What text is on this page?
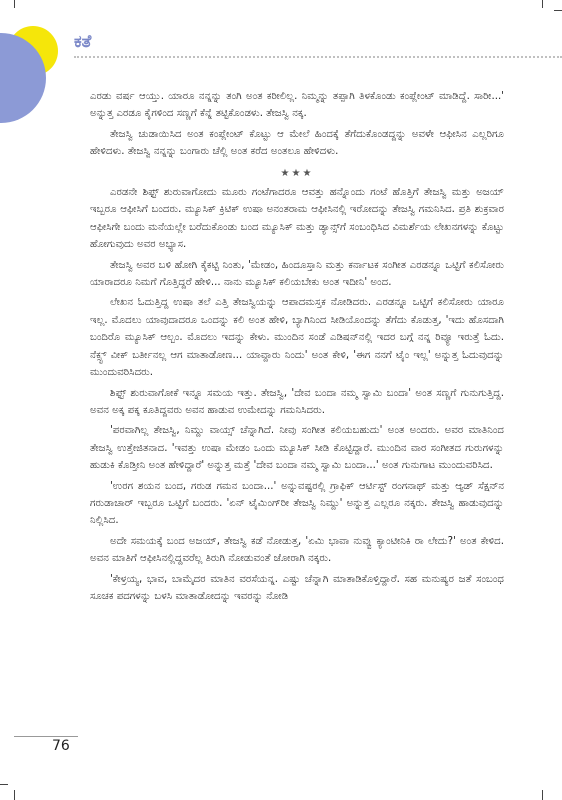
ಕತೆ

ಎರಡು ವರ್ಷ ಆಯ್ತು. ಯಾರೂ ನನ್ನನ್ನು ತಂಗಿ ಅಂತ ಕರೀಲಿಲ್ಲ. ನಿಮ್ಮನ್ನು ತಪ್ಪಾಗಿ ತಿಳಕೊಂಡು ಕಂಪ್ಲೇಂಟ್ ಮಾಡಿದ್ದೆ. ಸಾರೀ...' ಅನ್ನುತ್ತ ಎರಡೂ ಕೈಗಳಿಂದ ಸಣ್ಣಗೆ ಕೆನ್ನೆ ತಟ್ಟಿಕೊಂಡಳು. ತೇಜಸ್ವಿ ನಕ್ಕ.

ತೇಜಸ್ವಿ ಚುಡಾಯಿಸಿದ ಅಂತ ಕಂಪ್ಲೇಂಟ್ ಕೊಟ್ಟು ಆ ಮೇಲೆ ಹಿಂದಕ್ಕೆ ತೆಗೆದುಕೊಂಡದ್ದನ್ನು ಅವಳೇ ಆಫೀಸಿನ ಎಲ್ಲರಿಗೂ ಹೇಳಿದಳು. ತೇಜಸ್ವಿ ನನ್ನನ್ನು ಬಂಗಾರು ಚೆಲ್ಲಿ ಅಂತ ಕರೆದ ಅಂತಲೂ ಹೇಳಿದಳು.

★★★

ಎರಡನೇ ಶಿಫ್ಟ್ ಶುರುವಾಗೋದು ಮೂರು ಗಂಟೆಗಾದರೂ ಆವತ್ತು ಹನ್ನೊಂದು ಗಂಟೆ ಹೊತ್ತಿಗೆ ತೇಜಸ್ವಿ ಮತ್ತು ಅಜಯ್ ಇಬ್ಬರೂ ಆಫೀಸಿಗೆ ಬಂದರು. ಮ್ಯೂಸಿಕ್ ಕ್ರಿಟಿಕ್ ಉಷಾ ಅನಂತರಾಮ ಆಫೀಸಿನಲ್ಲಿ ಇರೋದನ್ನು ತೇಜಸ್ವಿ ಗಮನಿಸಿದ. ಪ್ರತಿ ಶುಕ್ರವಾರ ಆಫೀಸಿಗೇ ಬಂದು ಮನೆಯಲ್ಲೇ ಬರೆದುಕೊಂಡು ಬಂದ ಮ್ಯೂಸಿಕ್ ಮತ್ತು ಡ್ಯಾನ್ಸ್‌ಗೆ ಸಂಬಂಧಿಸಿದ ವಿಮರ್ಶೆಯ ಲೇಖನಗಳನ್ನು ಕೊಟ್ಟು ಹೋಗುವುದು ಅವರ ಅಭ್ಯಾಸ.

ತೇಜಸ್ವಿ ಅವರ ಬಳಿ ಹೋಗಿ ಕೈಕಟ್ಟಿ ನಿಂತು, 'ಮೇಡಂ, ಹಿಂದೂಸ್ತಾನಿ ಮತ್ತು ಕರ್ನಾಟಕ ಸಂಗೀತ ಎರಡನ್ನೂ ಒಟ್ಟಿಗೆ ಕಲಿಸೋರು ಯಾರಾದರೂ ನಿಮಗೆ ಗೊತ್ತಿದ್ದರೆ ಹೇಳಿ... ನಾನು ಮ್ಯೂಸಿಕ್ ಕಲಿಯಬೇಕು ಅಂತ ಇದೀನಿ' ಅಂದ.

ಲೇಖನ ಓದುತ್ತಿದ್ದ ಉಷಾ ತಲೆ ಎತ್ತಿ ತೇಜಸ್ವಿಯನ್ನು ಆಪಾದಮಸ್ತಕ ನೋಡಿದರು. ಎರಡನ್ನೂ ಒಟ್ಟಿಗೆ ಕಲಿಸೋರು ಯಾರೂ ಇಲ್ಲ. ಮೊದಲು ಯಾವುದಾದರೂ ಒಂದನ್ನು ಕಲಿ ಅಂತ ಹೇಳಿ, ಬ್ಯಾಗಿನಿಂದ ಸೀಡಿಯೊಂದನ್ನು ತೆಗೆದು ಕೊಡುತ್ತ, 'ಇದು ಹೊಸದಾಗಿ ಬಂದಿರೊ ಮ್ಯೂಸಿಕ್ ಆಲ್ಬಂ. ಮೊದಲು ಇದನ್ನು ಕೇಳು. ಮುಂದಿನ ಸಂಡೆ ಎಡಿಷನ್‌ನಲ್ಲಿ ಇದರ ಬಗ್ಗೆ ನನ್ನ ರಿವ್ಯೂ ಇರುತ್ತೆ ಓದು. ನೆಕ್ಸ್ಟ್ ವೀಕ್ ಬರ್ತೀನಲ್ಲ ಆಗ ಮಾತಾಡೋಣ... ಯಾವ್ದಾರು ನಿಂದು' ಅಂತ ಕೇಳಿ, 'ಈಗ ನನಗೆ ಟೈಂ ಇಲ್ಲ' ಅನ್ನುತ್ತ ಓದುವುದನ್ನು ಮುಂದುವರಿಸಿದರು.

ಶಿಫ್ಟ್ ಶುರುವಾಗೋಕೆ ಇನ್ನೂ ಸಮಯ ಇತ್ತು. ತೇಜಸ್ವಿ, 'ದೇವ ಬಂದಾ ನಮ್ಮ ಸ್ವಾಮಿ ಬಂದಾ' ಅಂತ ಸಣ್ಣಗೆ ಗುನುಗುತ್ತಿದ್ದ. ಅವನ ಅಕ್ಕ ಪಕ್ಕ ಕೂತಿದ್ದವರು ಅವನ ಹಾಡುವ ಉಮೇದನ್ನು ಗಮನಿಸಿದರು.

'ಪರವಾಗಿಲ್ಲ ತೇಜಸ್ವಿ, ನಿಮ್ದು ವಾಯ್ಸ್ ಚೆನ್ನಾಗಿದೆ. ನೀವು ಸಂಗೀತ ಕಲಿಯಬಹುದು' ಅಂತ ಅಂದರು. ಅವರ ಮಾತಿನಿಂದ ತೇಜಸ್ವಿ ಉತ್ತೇಜಿತನಾದ. 'ಇವತ್ತು ಉಷಾ ಮೇಡಂ ಒಂದು ಮ್ಯೂಸಿಕ್ ಸೀಡಿ ಕೊಟ್ಟಿದ್ದಾರೆ. ಮುಂದಿನ ವಾರ ಸಂಗೀತದ ಗುರುಗಳನ್ನು ಹುಡುಕಿ ಕೊಡ್ತೀನಿ ಅಂತ ಹೇಳಿದ್ದಾರೆ' ಅನ್ನುತ್ತ ಮತ್ತೆ 'ದೇವ ಬಂದಾ ನಮ್ಮ ಸ್ವಾಮಿ ಬಂದಾ...' ಅಂತ ಗುನುಗಾಟ ಮುಂದುವರಿಸಿದ.

'ಉರಗ ಶಯನ ಬಂದ, ಗರುಡ ಗಮನ ಬಂದಾ...' ಅನ್ನುವಷ್ಟರಲ್ಲಿ ಗ್ರಾಫಿಕ್ ಆರ್ಟಿಸ್ಟ್ ರಂಗನಾಥ್ ಮತ್ತು ಆ್ಯಡ್ ಸೆಕ್ಷನ್‌ನ ಗರುಡಾಚಾರ್ ಇಬ್ಬರೂ ಒಟ್ಟಿಗೆ ಬಂದರು. 'ಏನ್ ಟೈಮಿಂಗ್‌ರೀ ತೇಜಸ್ವಿ ನಿಮ್ದು' ಅನ್ನುತ್ತ ಎಲ್ಲರೂ ನಕ್ಕರು. ತೇಜಸ್ವಿ ಹಾಡುವುದನ್ನು ನಿಲ್ಲಿಸಿದ.

ಅದೇ ಸಮಯಕ್ಕೆ ಬಂದ ಅಜಯ್, ತೇಜಸ್ವಿ ಕಡೆ ನೋಡುತ್ತ, 'ಏಮಿ ಭಾವಾ ನುವ್ವು ಕ್ಯಾಂಟೀನಿಕಿ ರಾ ಲೇದು?' ಅಂತ ಕೇಳಿದ. ಅವನ ಮಾತಿಗೆ ಆಫೀಸಿನಲ್ಲಿದ್ದವರೆಲ್ಲ ತಿರುಗಿ ನೋಡುವಂತೆ ಜೋರಾಗಿ ನಕ್ಕರು.

'ಕೇಳ್ರಯ್ಯ, ಭಾವ, ಬಾಮೈದರ ಮಾತಿನ ವರಸೆಯನ್ನ. ಎಷ್ಟು ಚೆನ್ನಾಗಿ ಮಾತಾಡಿಕೊಳ್ತಿದ್ದಾರೆ. ಸಹ ಮನುಷ್ಯರ ಜತೆ ಸಂಬಂಧ ಸೂಚಕ ಪದಗಳನ್ನು ಬಳಸಿ ಮಾತಾಡೋದನ್ನು ಇವರನ್ನು ನೋಡಿ

76
